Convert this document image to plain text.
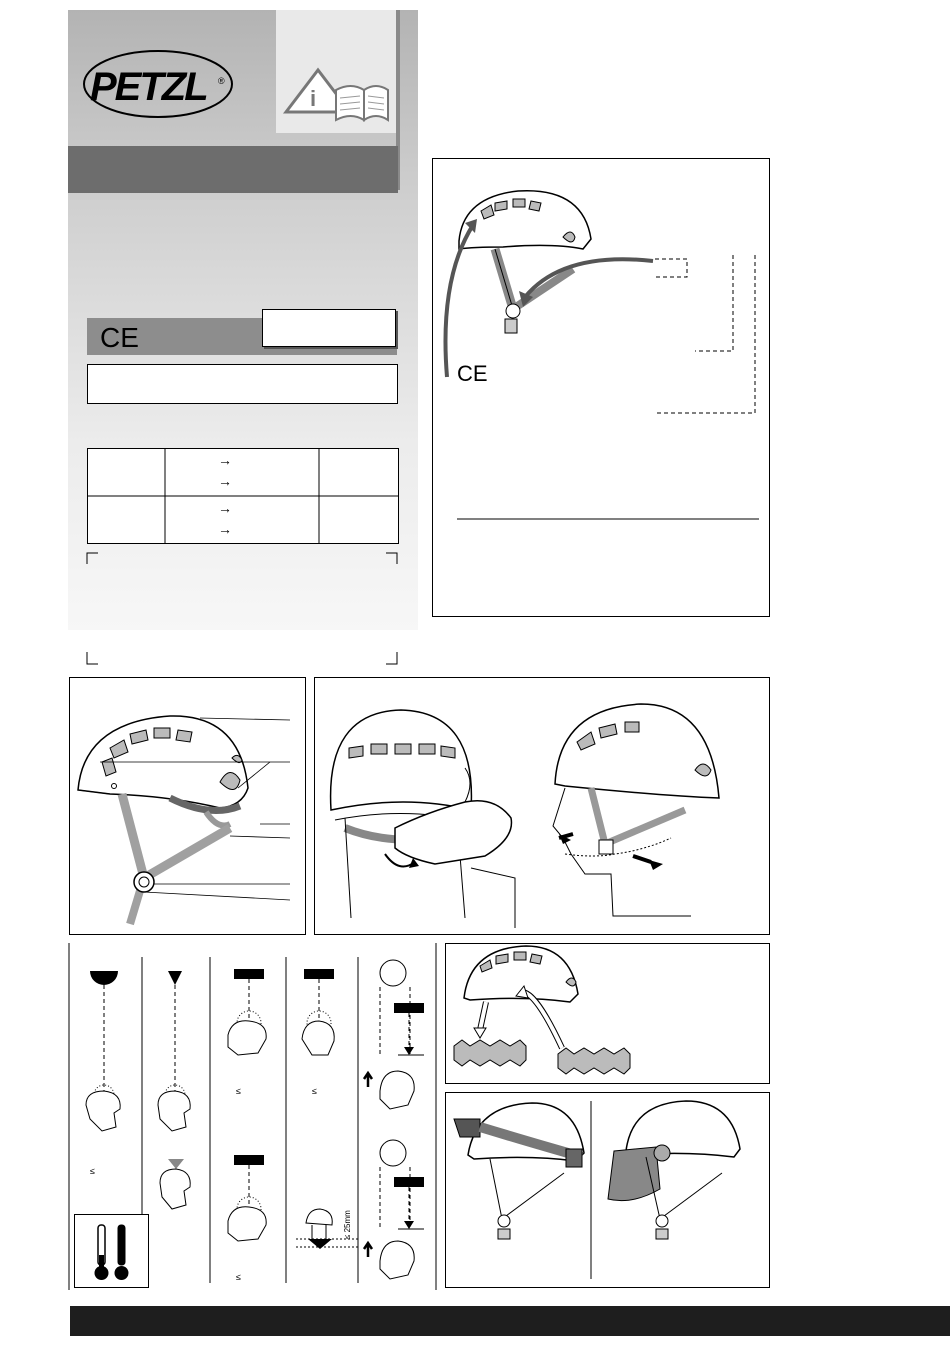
PETZL ®
i
CE
→
→
→
→
CE
≤ 25mm
≤
≤	≤
≤
